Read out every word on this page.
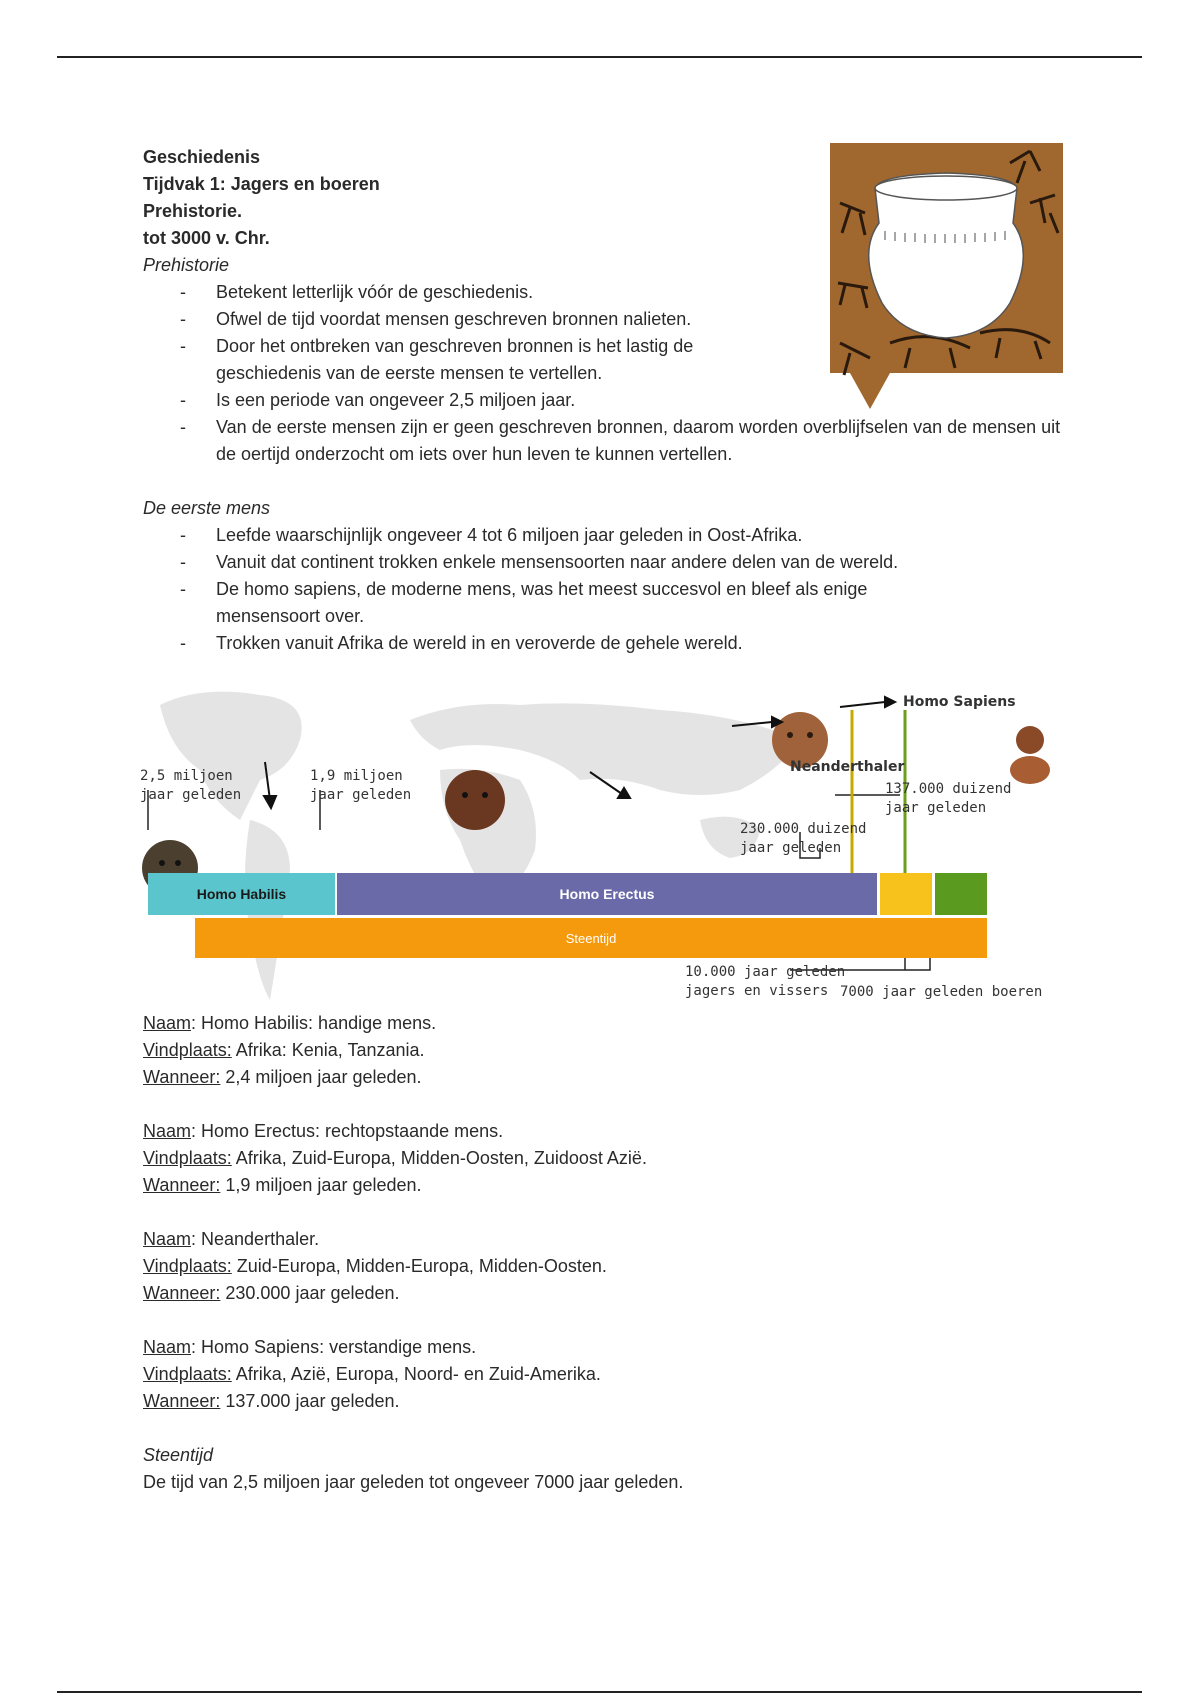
Geschiedenis
Tijdvak 1: Jagers en boeren
Prehistorie.
tot 3000 v. Chr.
Prehistorie
- Betekent letterlijk vóór de geschiedenis.
- Ofwel de tijd voordat mensen geschreven bronnen nalieten.
- Door het ontbreken van geschreven bronnen is het lastig de geschiedenis van de eerste mensen te vertellen.
- Is een periode van ongeveer 2,5 miljoen jaar.
- Van de eerste mensen zijn er geen geschreven bronnen, daarom worden overblijfselen van de mensen uit de oertijd onderzocht om iets over hun leven te kunnen vertellen.
De eerste mens
- Leefde waarschijnlijk ongeveer 4 tot 6 miljoen jaar geleden in Oost-Afrika.
- Vanuit dat continent trokken enkele mensensoorten naar andere delen van de wereld.
- De homo sapiens, de moderne mens, was het meest succesvol en bleef als enige mensensoort over.
- Trokken vanuit Afrika de wereld in en veroverde de gehele wereld.
2,5 miljoen
jaar geleden
1,9 miljoen
jaar geleden
230.000 duizend
jaar geleden
137.000 duizend
jaar geleden
10.000 jaar geleden
jagers en vissers 7000 jaar geleden boeren
Homo Sapiens
Neanderthaler
Homo Habilis	Homo Erectus
Steentijd
Naam: Homo Habilis: handige mens.
Vindplaats: Afrika: Kenia, Tanzania.
Wanneer: 2,4 miljoen jaar geleden.
Naam: Homo Erectus: rechtopstaande mens.
Vindplaats: Afrika, Zuid-Europa, Midden-Oosten, Zuidoost Azië.
Wanneer: 1,9 miljoen jaar geleden.
Naam: Neanderthaler.
Vindplaats: Zuid-Europa, Midden-Europa, Midden-Oosten.
Wanneer: 230.000 jaar geleden.
Naam: Homo Sapiens: verstandige mens.
Vindplaats: Afrika, Azië, Europa, Noord- en Zuid-Amerika.
Wanneer: 137.000 jaar geleden.
Steentijd
De tijd van 2,5 miljoen jaar geleden tot ongeveer 7000 jaar geleden.
